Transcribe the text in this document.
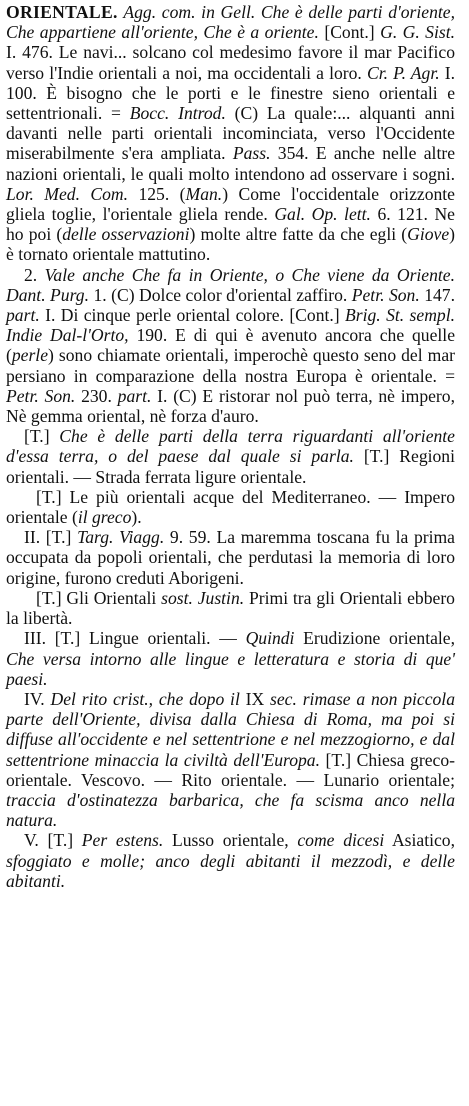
ORIENTALE. Agg. com. in Gell. Che è delle parti d'oriente, Che appartiene all'oriente, Che è a oriente. [Cont.] G. G. Sist. I. 476. Le navi... solcano col medesimo favore il mar Pacifico verso l'Indie orientali a noi, ma occidentali a loro. Cr. P. Agr. I. 100. È bisogno che le porti e le finestre sieno orientali e settentrionali. = Bocc. Introd. (C) La quale:... alquanti anni davanti nelle parti orientali incominciata, verso l'Occidente miserabilmente s'era ampliata. Pass. 354. E anche nelle altre nazioni orientali, le quali molto intendono ad osservare i sogni. Lor. Med. Com. 125. (Man.) Come l'occidentale orizzonte gliela toglie, l'orientale gliela rende. Gal. Op. lett. 6. 121. Ne ho poi (delle osservazioni) molte altre fatte da che egli (Giove) è tornato orientale mattutino.

2. Vale anche Che fa in Oriente, o Che viene da Oriente. Dant. Purg. 1. (C) Dolce color d'oriental zaffiro. Petr. Son. 147. part. I. Di cinque perle oriental colore. [Cont.] Brig. St. sempl. Indie Dal-l'Orto, 190. E di qui è avenuto ancora che quelle (perle) sono chiamate orientali, imperochè questo seno del mar persiano in comparazione della nostra Europa è orientale. = Petr. Son. 230. part. I. (C) E ristorar nol può terra, nè impero, Nè gemma oriental, nè forza d'auro.

[T.] Che è delle parti della terra riguardanti all'oriente d'essa terra, o del paese dal quale si parla. [T.] Regioni orientali. — Strada ferrata ligure orientale.

[T.] Le più orientali acque del Mediterraneo. — Impero orientale (il greco).

II. [T.] Targ. Viagg. 9. 59. La maremma toscana fu la prima occupata da popoli orientali, che perdutasi la memoria di loro origine, furono creduti Aborigeni.

[T.] Gli Orientali sost. Justin. Primi tra gli Orientali ebbero la libertà.

III. [T.] Lingue orientali. — Quindi Erudizione orientale, Che versa intorno alle lingue e letteratura e storia di que' paesi.

IV. Del rito crist., che dopo il IX sec. rimase a non piccola parte dell'Oriente, divisa dalla Chiesa di Roma, ma poi si diffuse all'occidente e nel settentrione e nel mezzogiorno, e dal settentrione minaccia la civiltà dell'Europa. [T.] Chiesa greco-orientale. Vescovo. — Rito orientale. — Lunario orientale; traccia d'ostinatezza barbarica, che fa scisma anco nella natura.

V. [T.] Per estens. Lusso orientale, come dicesi Asiatico, sfoggiato e molle; anco degli abitanti il mezzodì, e delle abitanti.
